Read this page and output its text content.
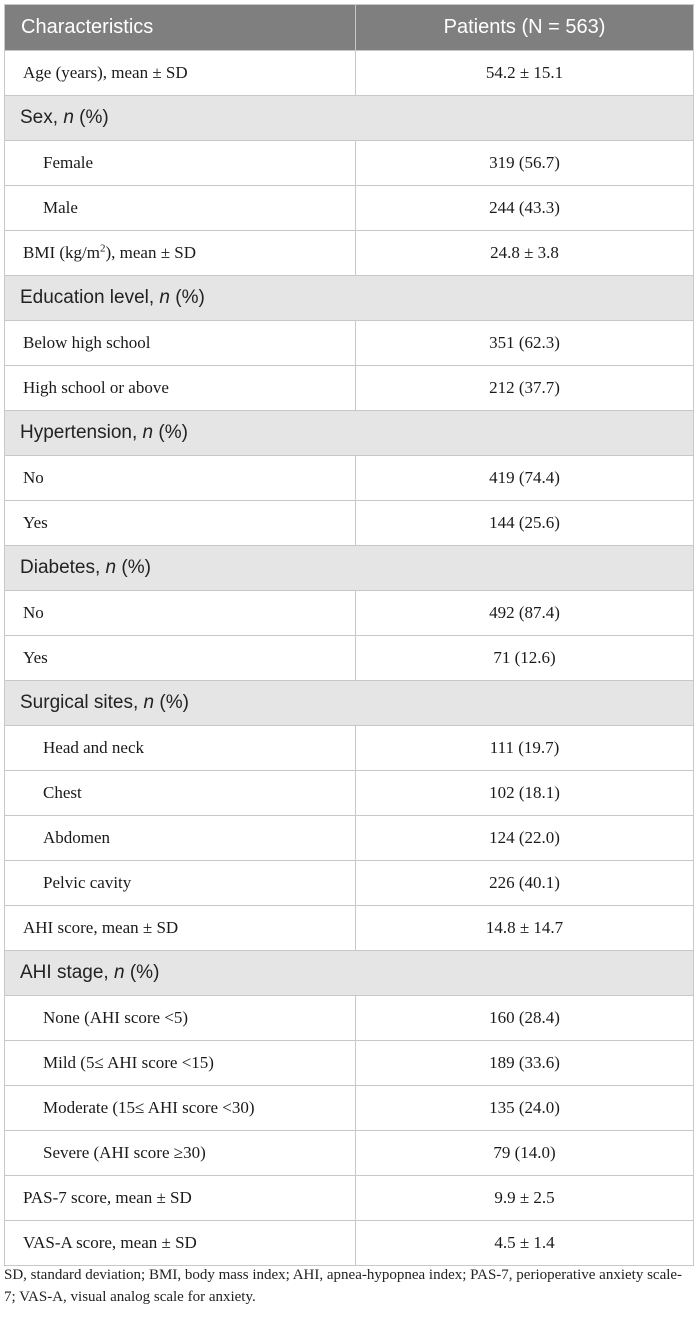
Characteristics	Patients (N = 563)
Age (years), mean ± SD	54.2 ± 15.1
Sex, n (%)	
Female	319 (56.7)
Male	244 (43.3)
BMI $(kg/m^2)$, mean ± SD	24.8 ± 3.8
Education level, n (%)	
Below high school	351 (62.3)
High school or above	212 (37.7)
Hypertension, n (%)	
No	419 (74.4)
Yes	144 (25.6)
Diabetes, n (%)	
No	492 (87.4)
Yes	71 (12.6)
Surgical sites, n (%)	
Head and neck	111 (19.7)
Chest	102 (18.1)
Abdomen	124 (22.0)
Pelvic cavity	226 (40.1)
AHI score, mean ± SD	14.8 ± 14.7
AHI stage, n (%)	
None (AHI score <5)	160 (28.4)
Mild (5≤ AHI score <15)	189 (33.6)
Moderate (15≤ AHI score <30)	135 (24.0)
Severe (AHI score ≥30)	79 (14.0)
PAS-7 score, mean ± SD	9.9 ± 2.5
VAS-A score, mean ± SD	4.5 ± 1.4

SD, standard deviation; BMI, body mass index; AHI, apnea-hypopnea index; PAS-7, perioperative anxiety scale-7; VAS-A, visual analog scale for anxiety.
